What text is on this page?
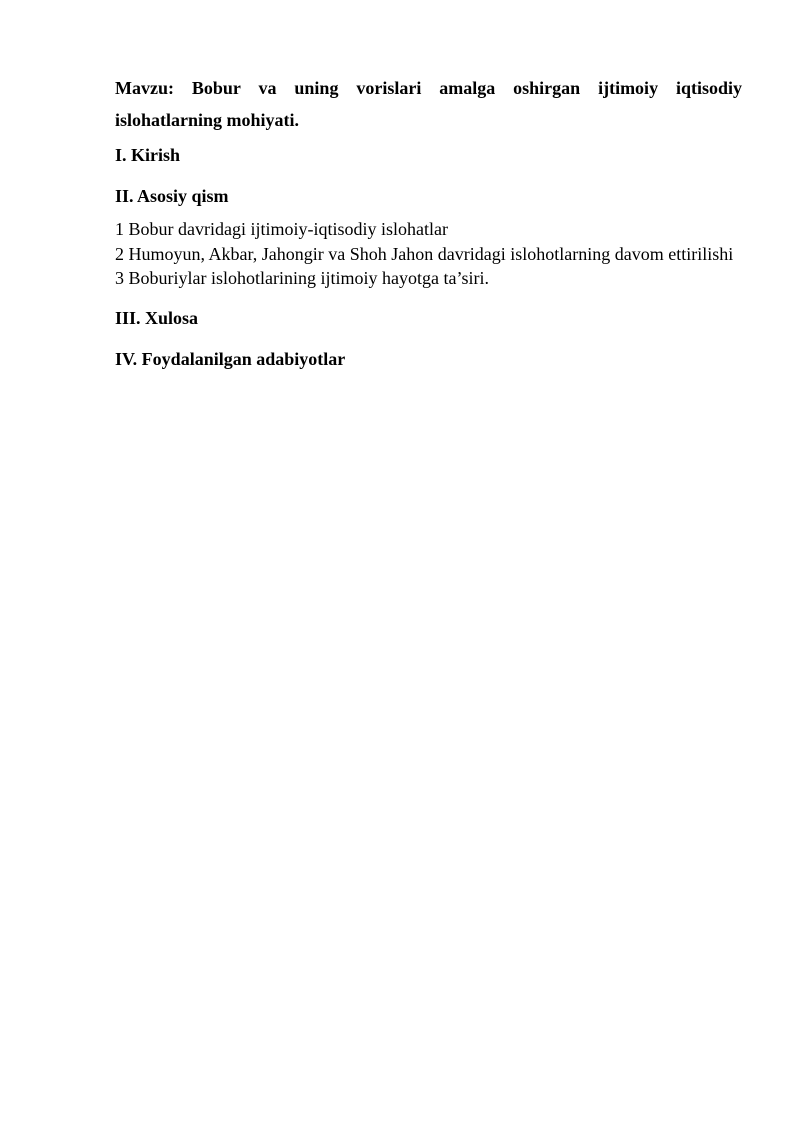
Mavzu: Bobur va uning vorislari amalga oshirgan ijtimoiy iqtisodiy islohatlarning mohiyati.

I. Kirish

II. Asosiy qism

1 Bobur davridagi ijtimoiy-iqtisodiy islohatlar

2 Humoyun, Akbar, Jahongir va Shoh Jahon davridagi islohotlarning davom ettirilishi

3 Boburiylar islohotlarining ijtimoiy hayotga ta’siri.

III. Xulosa

IV. Foydalanilgan adabiyotlar
